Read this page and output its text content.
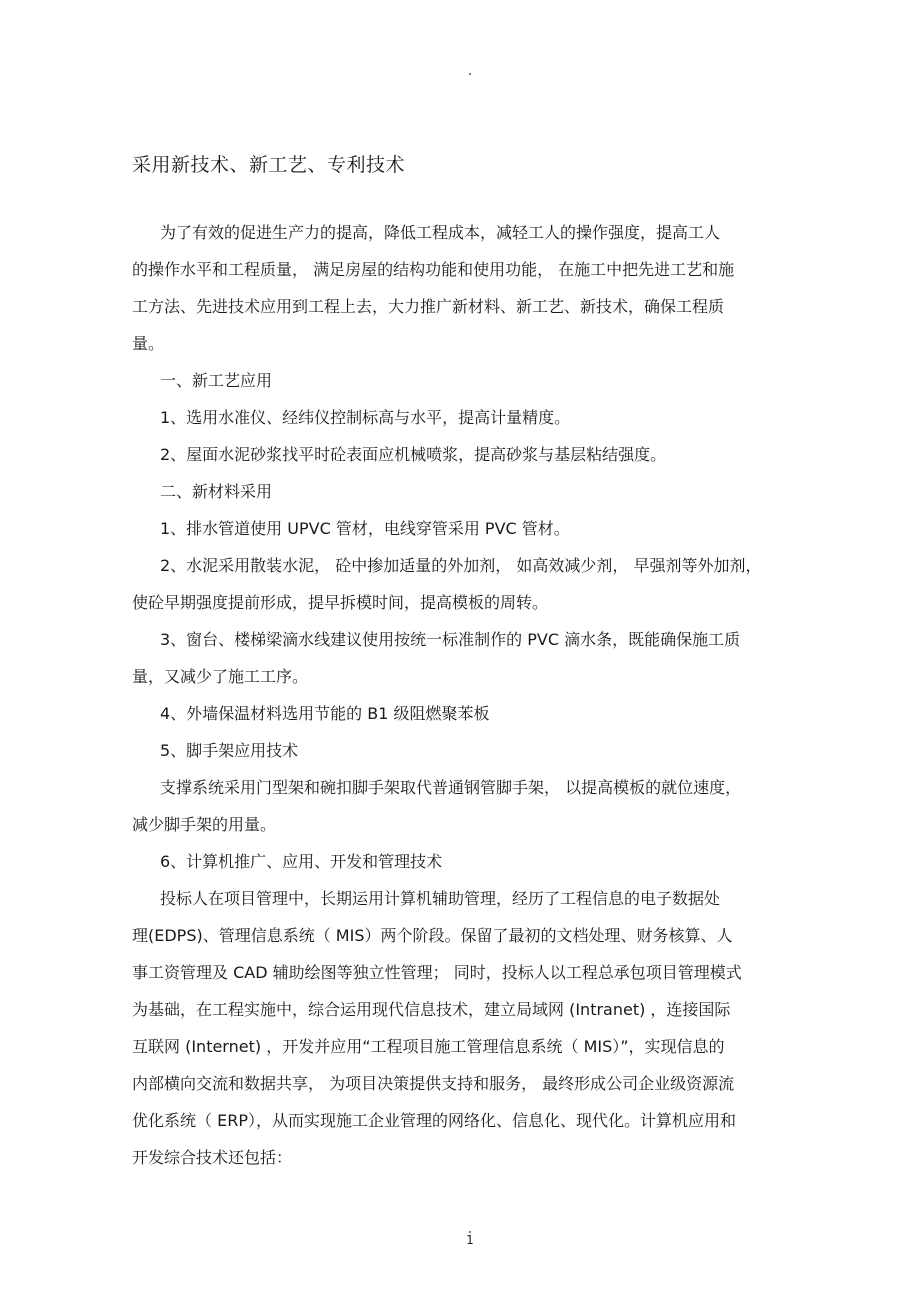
采用新技术、新工艺、专利技术
为了有效的促进生产力的提高，降低工程成本，减轻工人的操作强度，提高工人
的操作水平和工程质量， 满足房屋的结构功能和使用功能， 在施工中把先进工艺和施
工方法、先进技术应用到工程上去，大力推广新材料、新工艺、新技术，确保工程质
量。
一、新工艺应用
1、选用水准仪、经纬仪控制标高与水平，提高计量精度。
2、屋面水泥砂浆找平时砼表面应机械喷浆，提高砂浆与基层粘结强度。
二、新材料采用
1、排水管道使用 UPVC 管材，电线穿管采用 PVC 管材。
2、水泥采用散装水泥， 砼中掺加适量的外加剂， 如高效减少剂， 早强剂等外加剂，
使砼早期强度提前形成，提早拆模时间，提高模板的周转。
3、窗台、楼梯梁滴水线建议使用按统一标准制作的 PVC 滴水条，既能确保施工质
量，又减少了施工工序。
4、外墙保温材料选用节能的 B1 级阻燃聚苯板
5、脚手架应用技术
支撑系统采用门型架和碗扣脚手架取代普通钢管脚手架， 以提高模板的就位速度，
减少脚手架的用量。
6、计算机推广、应用、开发和管理技术
投标人在项目管理中，长期运用计算机辅助管理，经历了工程信息的电子数据处
理(EDPS)、管理信息系统（ MIS）两个阶段。保留了最初的文档处理、财务核算、人
事工资管理及 CAD 辅助绘图等独立性管理； 同时，投标人以工程总承包项目管理模式
为基础，在工程实施中，综合运用现代信息技术，建立局域网 (Intranet) ，连接国际
互联网 (Internet) ，开发并应用“工程项目施工管理信息系统（ MIS）”，实现信息的
内部横向交流和数据共享， 为项目决策提供支持和服务， 最终形成公司企业级资源流
优化系统（ ERP），从而实现施工企业管理的网络化、信息化、现代化。计算机应用和
开发综合技术还包括：
1
